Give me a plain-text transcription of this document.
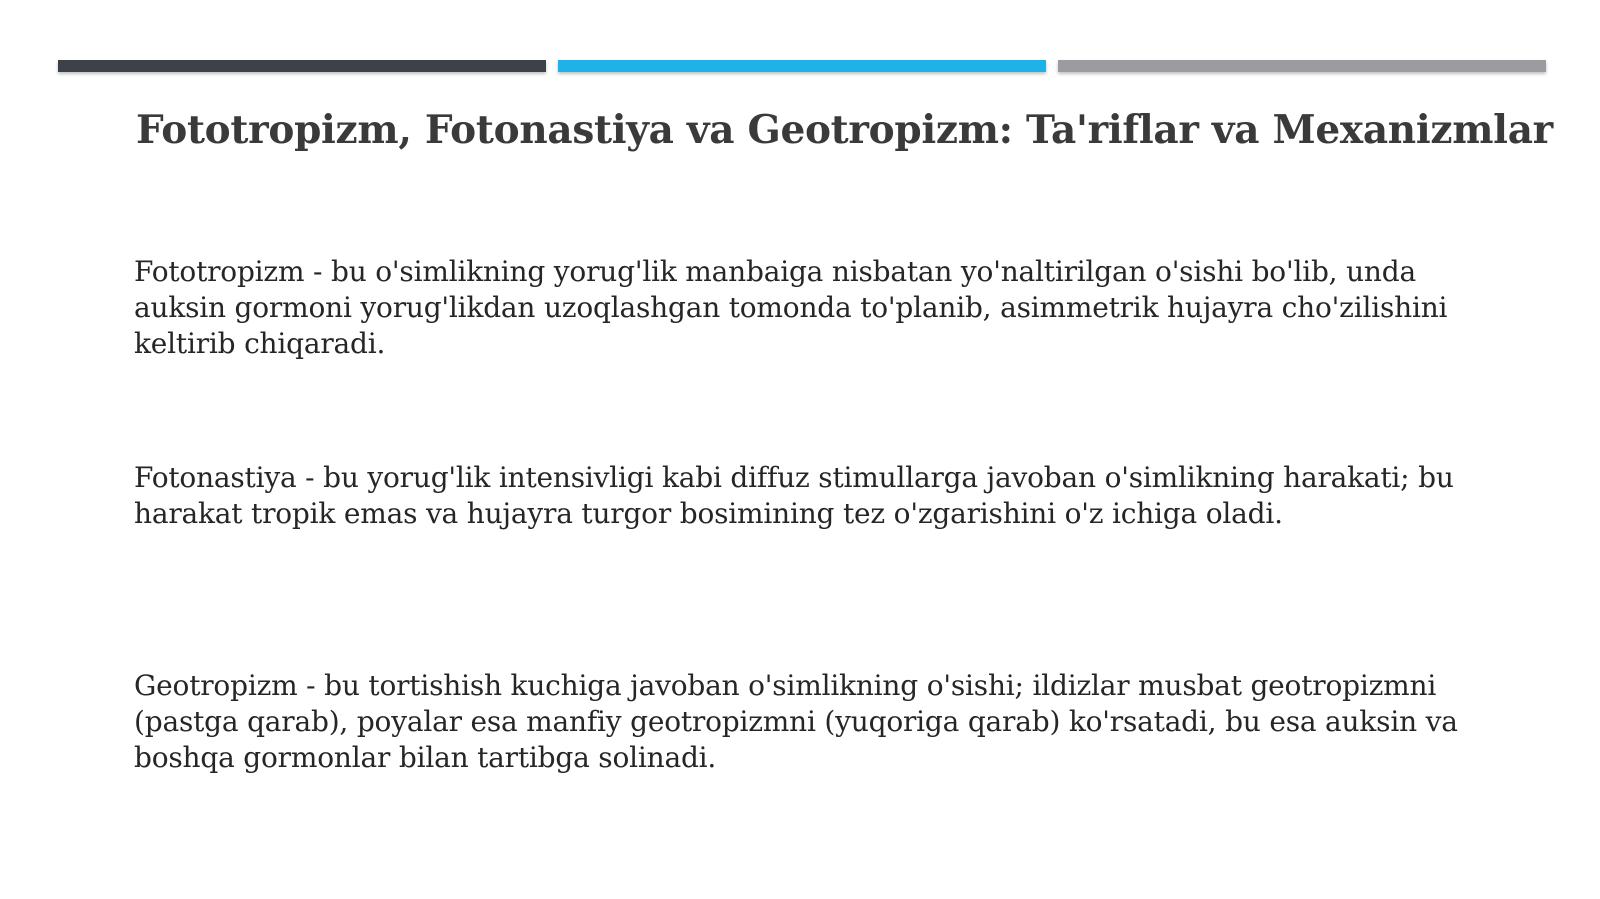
Fototropizm, Fotonastiya va Geotropizm: Ta'riflar va Mexanizmlar

Fototropizm - bu o'simlikning yorug'lik manbaiga nisbatan yo'naltirilgan o'sishi bo'lib, unda auksin gormoni yorug'likdan uzoqlashgan tomonda to'planib, asimmetrik hujayra cho'zilishini keltirib chiqaradi.

Fotonastiya - bu yorug'lik intensivligi kabi diffuz stimullarga javoban o'simlikning harakati; bu harakat tropik emas va hujayra turgor bosimining tez o'zgarishini o'z ichiga oladi.

Geotropizm - bu tortishish kuchiga javoban o'simlikning o'sishi; ildizlar musbat geotropizmni (pastga qarab), poyalar esa manfiy geotropizmni (yuqoriga qarab) ko'rsatadi, bu esa auksin va boshqa gormonlar bilan tartibga solinadi.
